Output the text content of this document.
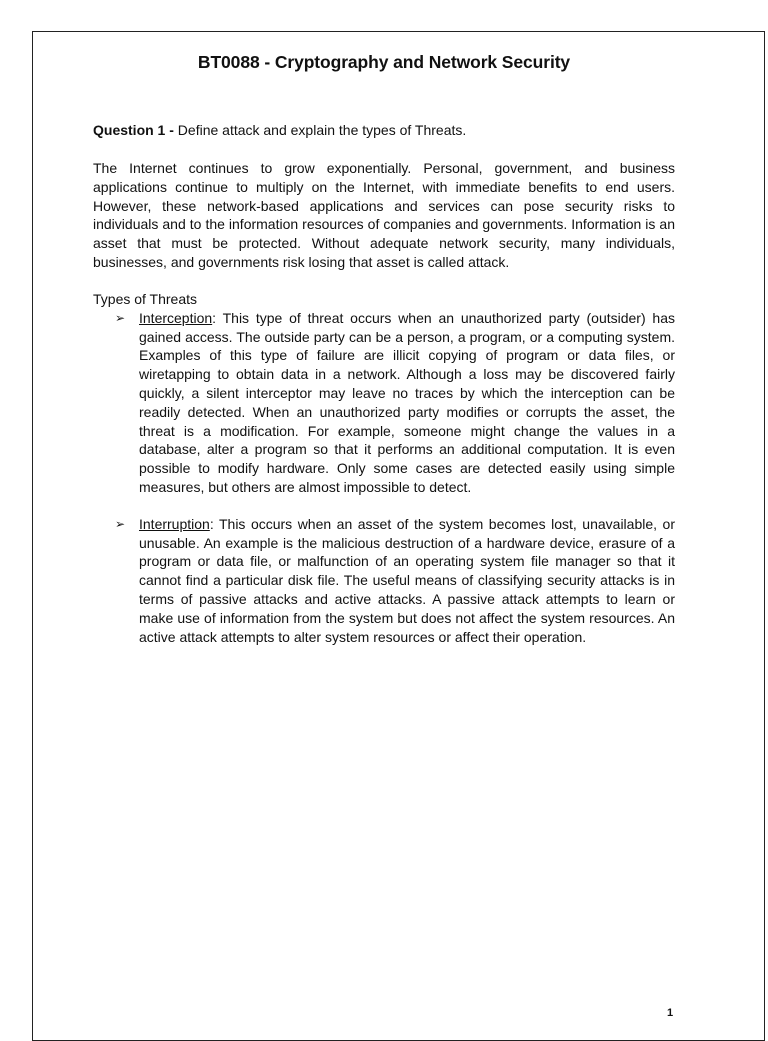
BT0088 - Cryptography and Network Security
Question 1 - Define attack and explain the types of Threats.

The Internet continues to grow exponentially. Personal, government, and business applications continue to multiply on the Internet, with immediate benefits to end users. However, these network-based applications and services can pose security risks to individuals and to the information resources of companies and governments. Information is an asset that must be protected. Without adequate network security, many individuals, businesses, and governments risk losing that asset is called attack.

Types of Threats
➢ Interception: This type of threat occurs when an unauthorized party (outsider) has gained access. The outside party can be a person, a program, or a computing system. Examples of this type of failure are illicit copying of program or data files, or wiretapping to obtain data in a network. Although a loss may be discovered fairly quickly, a silent interceptor may leave no traces by which the interception can be readily detected. When an unauthorized party modifies or corrupts the asset, the threat is a modification. For example, someone might change the values in a database, alter a program so that it performs an additional computation. It is even possible to modify hardware. Only some cases are detected easily using simple measures, but others are almost impossible to detect.
➢ Interruption: This occurs when an asset of the system becomes lost, unavailable, or unusable. An example is the malicious destruction of a hardware device, erasure of a program or data file, or malfunction of an operating system file manager so that it cannot find a particular disk file. The useful means of classifying security attacks is in terms of passive attacks and active attacks. A passive attack attempts to learn or make use of information from the system but does not affect the system resources. An active attack attempts to alter system resources or affect their operation.
1
